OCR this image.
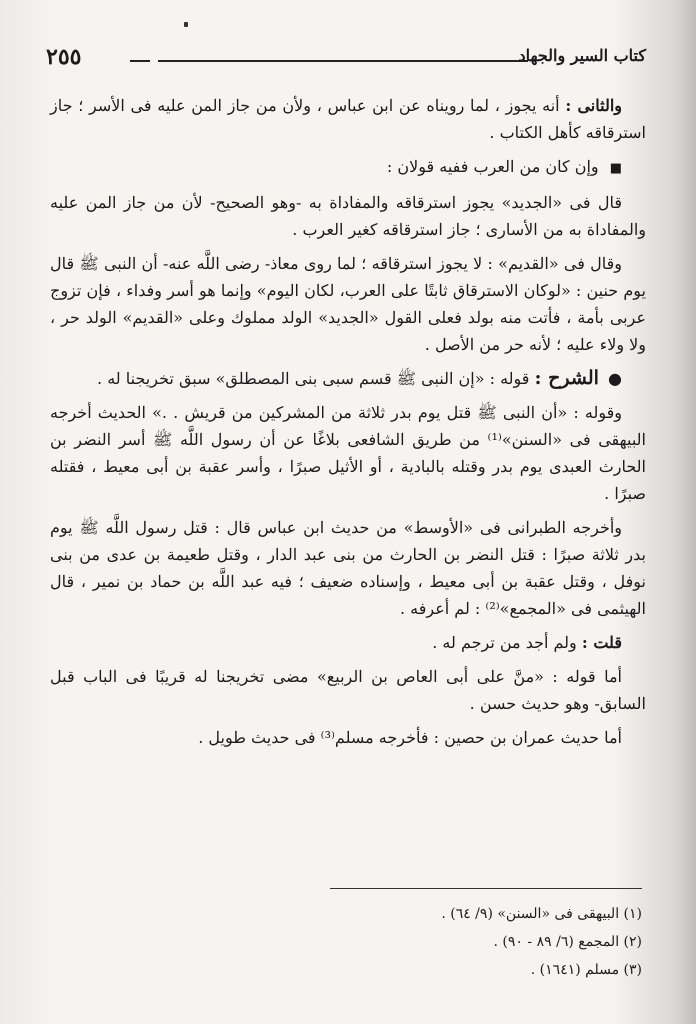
٢٥٥	كتاب السير والجهاد

والثانى : أنه يجوز ، لما رويناه عن ابن عباس ، ولأن من جاز المن عليه فى الأسر ؛ جاز استرقاقه كأهل الكتاب .

■ وإن كان من العرب ففيه قولان :

قال فى «الجديد» يجوز استرقاقه والمفاداة به -وهو الصحيح- لأن من جاز المن عليه والمفاداة به من الأسارى ؛ جاز استرقاقه كغير العرب .

وقال فى «القديم» : لا يجوز استرقاقه ؛ لما روى معاذ- رضى اللَّه عنه- أن النبى ﷺ قال يوم حنين : «لوكان الاسترقاق ثابتًا على العرب، لكان اليوم» وإنما هو أسر وفداء ، فإن تزوج عربى بأمة ، فأتت منه بولد فعلى القول «الجديد» الولد مملوك وعلى «القديم» الولد حر ، ولا ولاء عليه ؛ لأنه حر من الأصل .

● الشرح : قوله : «إن النبى ﷺ قسم سبى بنى المصطلق» سبق تخريجنا له .

وقوله : «أن النبى ﷺ قتل يوم بدر ثلاثة من المشركين من قريش . .» الحديث أخرجه البيهقى فى «السنن»⁽¹⁾ من طريق الشافعى بلاغًا عن أن رسول اللَّه ﷺ أسر النضر بن الحارث العبدى يوم بدر وقتله بالبادية ، أو الأثيل صبرًا ، وأسر عقبة بن أبى معيط ، فقتله صبرًا .

وأخرجه الطبرانى فى «الأوسط» من حديث ابن عباس قال : قتل رسول اللَّه ﷺ يوم بدر ثلاثة صبرًا : قتل النضر بن الحارث من بنى عبد الدار ، وقتل طعيمة بن عدى من بنى نوفل ، وقتل عقبة بن أبى معيط ، وإسناده ضعيف ؛ فيه عبد اللَّه بن حماد بن نمير ، قال الهيثمى فى «المجمع»⁽²⁾ : لم أعرفه .

قلت : ولم أجد من ترجم له .

أما قوله : «منَّ على أبى العاص بن الربيع» مضى تخريجنا له قريبًا فى الباب قبل السابق- وهو حديث حسن .

أما حديث عمران بن حصين : فأخرجه مسلم⁽³⁾ فى حديث طويل .

(١) البيهقى فى «السنن» (٩/ ٦٤) .
(٢) المجمع (٦/ ٨٩ - ٩٠) .
(٣) مسلم (١٦٤١) .
